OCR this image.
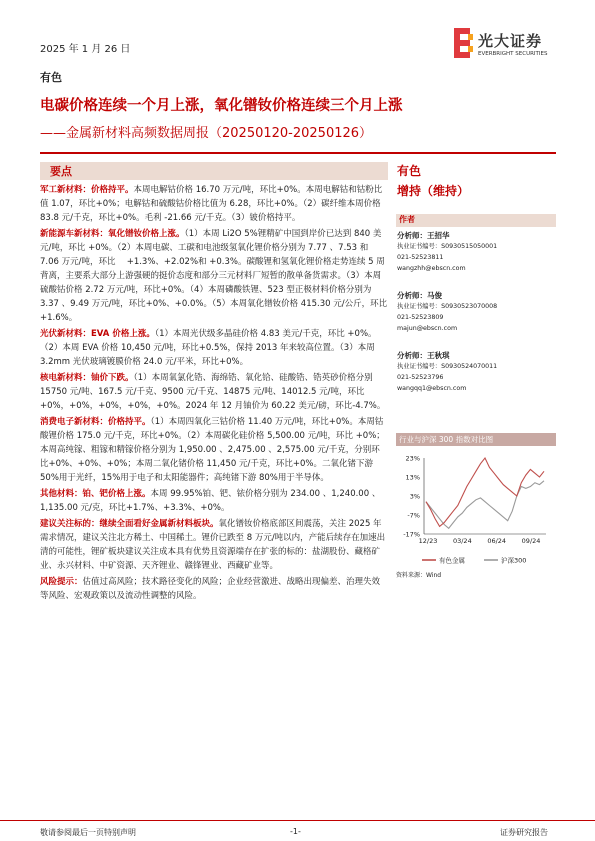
2025 年 1 月 26 日	光大证券
EVERBRIGHT SECURITIES
有色
电碳价格连续一个月上涨，氧化镨钕价格连续三个月上涨
——金属新材料高频数据周报（20250120-20250126）
要点

军工新材料：价格持平。本周电解钴价格 16.70 万元/吨，环比+0%。本周电解钴和钴粉比值 1.07，环比+0%；电解钴和硫酸钴价格比值为 6.28，环比+0%。（2）碳纤维本周价格 83.8 元/千克，环比+0%。毛利 -21.66 元/千克。（3）铍价格持平。

新能源车新材料：氧化镨钕价格上涨。（1）本周 Li2O 5%锂精矿中国到岸价已达到 840 美元/吨，环比 +0%。（2）本周电碳、工碳和电池级氢氧化锂价格分别为 7.77 、7.53 和 7.06 万元/吨，环比　 +1.3%、+2.02%和 +0.3%。碳酸锂和氢氧化锂价格走势连续 5 周背离，主要系大部分上游强硬的挺价态度和部分三元材料厂短暂的散单备货需求。（3）本周硫酸钴价格 2.72 万元/吨，环比+0%。（4）本周磷酸铁锂、523 型正极材料价格分别为 3.37 、9.49 万元/吨，环比+0%、+0.0%。（5）本周氧化镨钕价格 415.30 元/公斤，环比+1.6%。

光伏新材料：EVA 价格上涨。（1）本周光伏级多晶硅价格 4.83 美元/千克，环比 +0%。（2）本周 EVA 价格 10,450 元/吨，环比+0.5%，保持 2013 年来较高位置。（3）本周 3.2mm 光伏玻璃镀膜价格 24.0 元/平米，环比+0%。

核电新材料：铀价下跌。（1）本周氧氯化锆、海绵锆、氧化铪、硅酸锆、锆英砂价格分别 15750 元/吨、167.5 元/千克、9500 元/千克、14875 元/吨、14012.5 元/吨，环比+0%，+0%，+0%，+0%，+0%。2024 年 12 月铀价为 60.22 美元/磅，环比-4.7%。

消费电子新材料：价格持平。（1）本周四氧化三钴价格 11.40 万元/吨，环比+0%。本周钴酸锂价格 175.0 元/千克，环比+0%。（2）本周碳化硅价格 5,500.00 元/吨，环比 +0%；本周高纯镓、粗镓和精镓价格分别为 1,950.00 、2,475.00 、2,575.00 元/千克，分别环比+0%、+0%、+0%；本周二氧化锗价格 11,450 元/千克，环比+0%。二氧化锗下游 50%用于光纤，15%用于电子和太阳能器件；高纯锗下游 80%用于半导体。

其他材料：铂、钯价格上涨。本周 99.95%铂、钯、铱价格分别为 234.00 、1,240.00 、1,135.00 元/克，环比+1.7%、+3.3%、+0%。

建议关注标的：继续全面看好金属新材料板块。氧化镨钕价格底部区间震荡，关注 2025 年需求情况，建议关注北方稀土、中国稀土。锂价已跌至 8 万元/吨以内，产能后续存在加速出清的可能性，锂矿板块建议关注成本具有优势且资源端存在扩张的标的：盐湖股份、藏格矿业、永兴材料、中矿资源、天齐锂业、赣锋锂业、西藏矿业等。

风险提示：估值过高风险；技术路径变化的风险；企业经营激进、战略出现偏差、治理失效等风险、宏观政策以及流动性调整的风险。

有色
增持（维持）
作者
分析师：王招华
执业证书编号：S0930515050001
021-52523811
wangzhh@ebscn.com
分析师：马俊
执业证书编号：S0930523070008
021-52523809
majun@ebscn.com
分析师：王秋琪
执业证书编号：S0930524070011
021-52523796
wangqq1@ebscn.com
行业与沪深 300 指数对比图
23%
13%
3%
-7%
-17%
12/23 03/24 06/24 09/24
有色金属	沪深300
资料来源：Wind
敬请参阅最后一页特别声明	-1-	证券研究报告
